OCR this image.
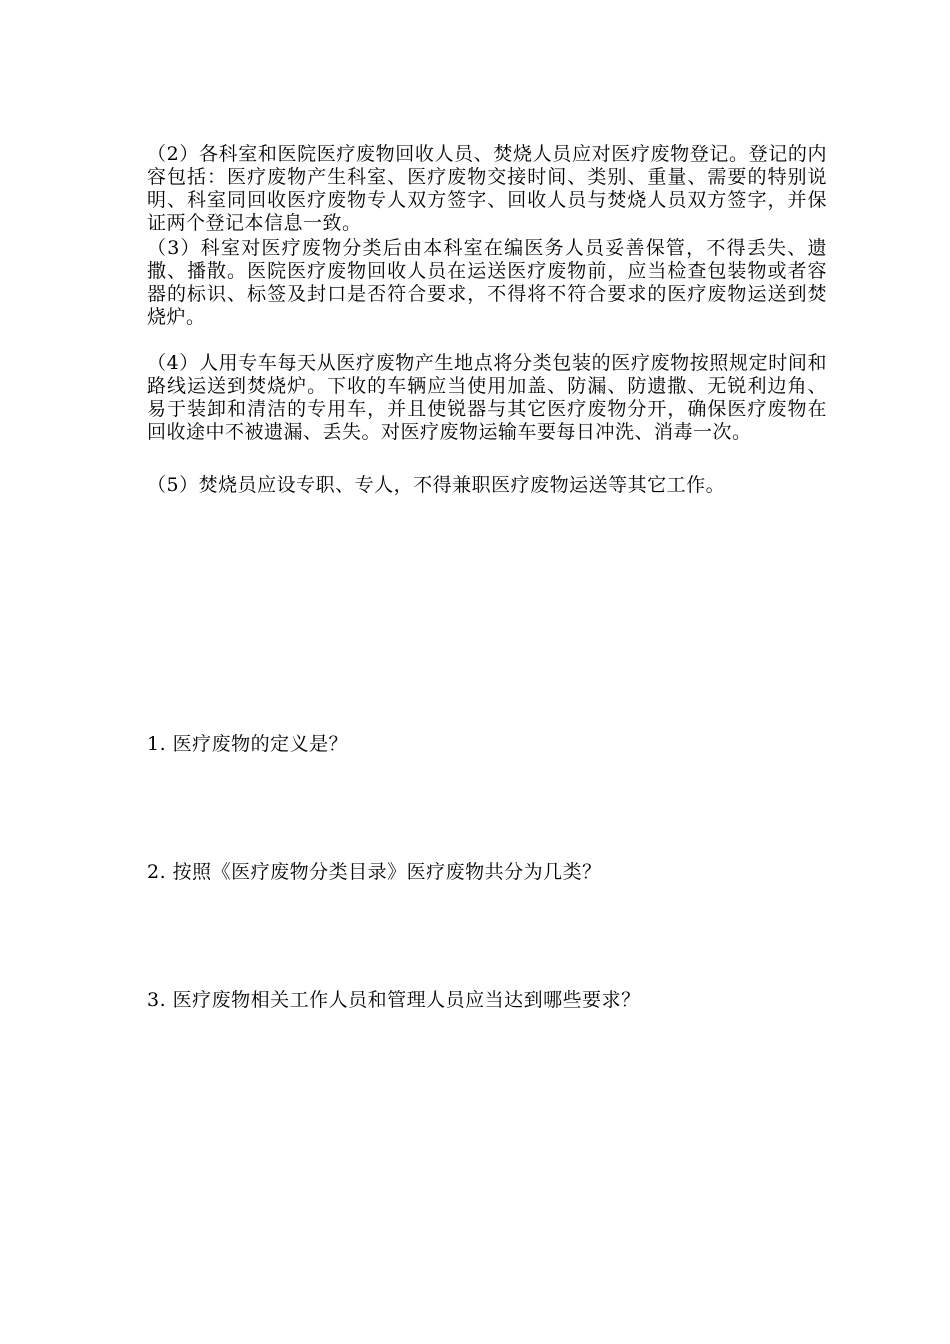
（2）各科室和医院医疗废物回收人员、焚烧人员应对医疗废物登记。登记的内容包括：医疗废物产生科室、医疗废物交接时间、类别、重量、需要的特别说明、科室同回收医疗废物专人双方签字、回收人员与焚烧人员双方签字，并保证两个登记本信息一致。

（3）科室对医疗废物分类后由本科室在编医务人员妥善保管，不得丢失、遗撒、播散。医院医疗废物回收人员在运送医疗废物前，应当检查包装物或者容器的标识、标签及封口是否符合要求，不得将不符合要求的医疗废物运送到焚烧炉。

（4）人用专车每天从医疗废物产生地点将分类包装的医疗废物按照规定时间和路线运送到焚烧炉。下收的车辆应当使用加盖、防漏、防遗撒、无锐利边角、易于装卸和清洁的专用车，并且使锐器与其它医疗废物分开，确保医疗废物在回收途中不被遗漏、丢失。对医疗废物运输车要每日冲洗、消毒一次。

（5）焚烧员应设专职、专人，不得兼职医疗废物运送等其它工作。

1. 医疗废物的定义是？

2. 按照《医疗废物分类目录》医疗废物共分为几类？

3. 医疗废物相关工作人员和管理人员应当达到哪些要求？
